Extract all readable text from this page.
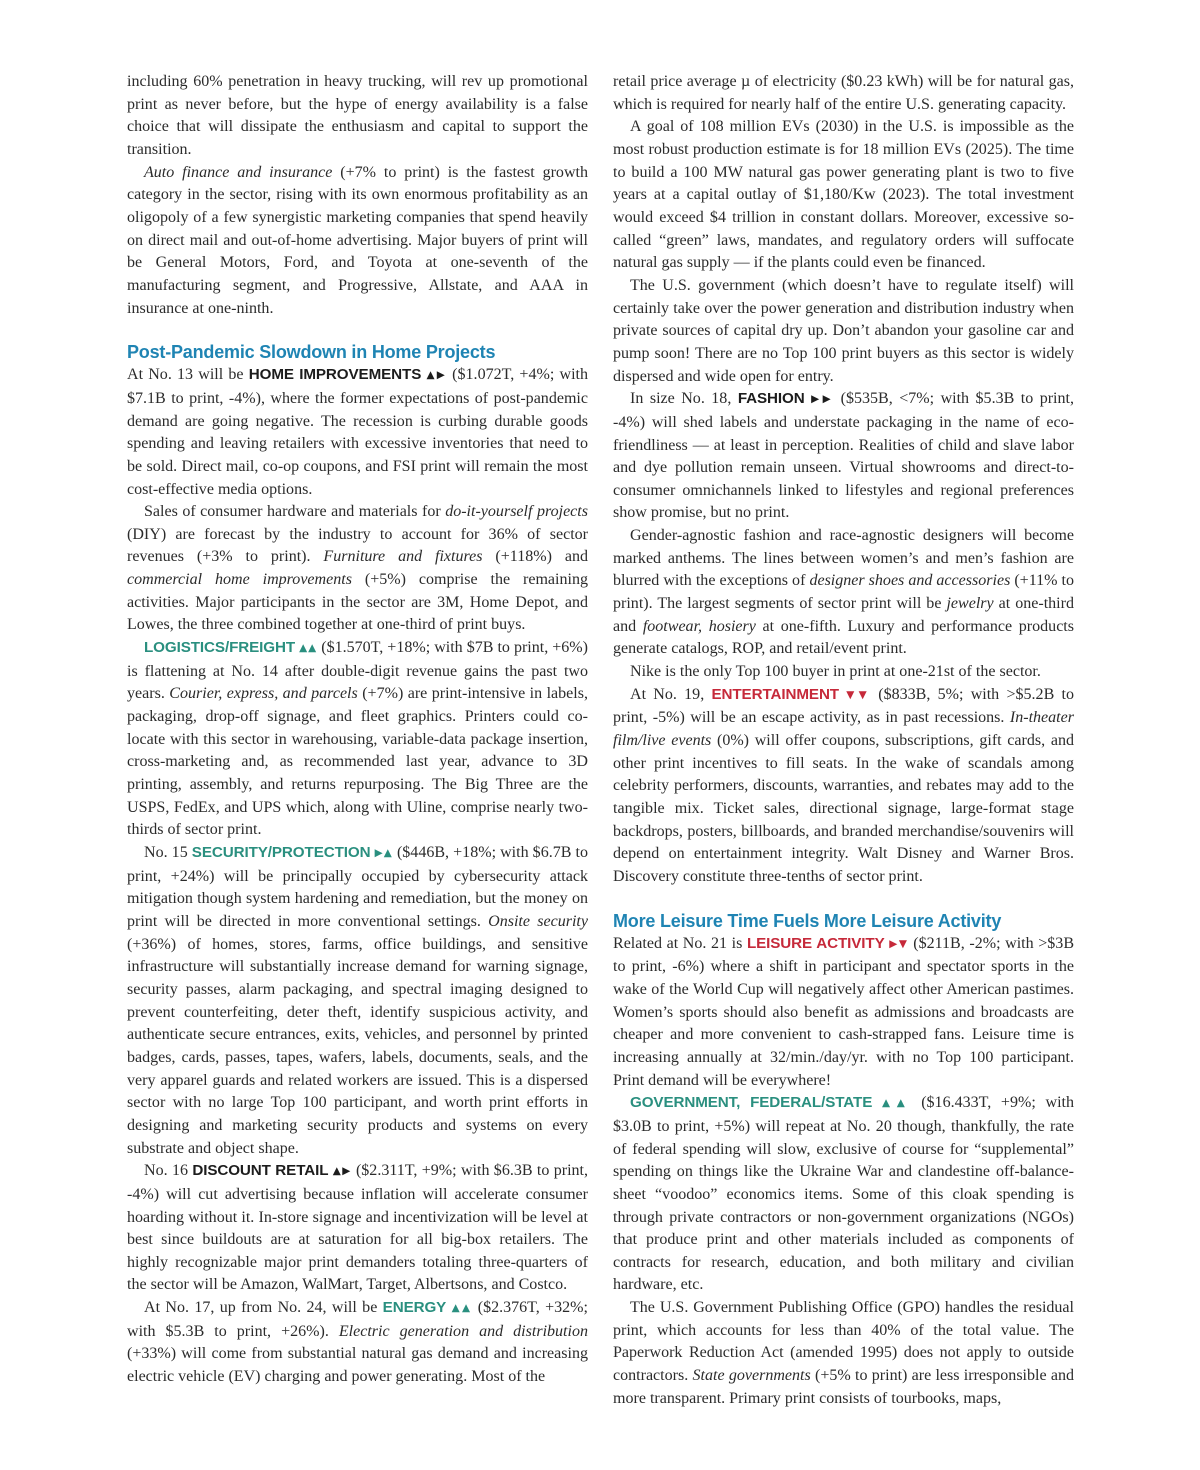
including 60% penetration in heavy trucking, will rev up promotional print as never before, but the hype of energy availability is a false choice that will dissipate the enthusiasm and capital to support the transition.

Auto finance and insurance (+7% to print) is the fastest growth category in the sector, rising with its own enormous profitability as an oligopoly of a few synergistic marketing companies that spend heavily on direct mail and out-of-home advertising. Major buyers of print will be General Motors, Ford, and Toyota at one-seventh of the manufacturing segment, and Progressive, Allstate, and AAA in insurance at one-ninth.

Post-Pandemic Slowdown in Home Projects

At No. 13 will be HOME IMPROVEMENTS ▲▶ ($1.072T, +4%; with $7.1B to print, -4%), where the former expectations of post-pandemic demand are going negative. The recession is curbing durable goods spending and leaving retailers with excessive inventories that need to be sold. Direct mail, co-op coupons, and FSI print will remain the most cost-effective media options.

Sales of consumer hardware and materials for do-it-yourself projects (DIY) are forecast by the industry to account for 36% of sector revenues (+3% to print). Furniture and fixtures (+118%) and commercial home improvements (+5%) comprise the remaining activities. Major participants in the sector are 3M, Home Depot, and Lowes, the three combined together at one-third of print buys.

LOGISTICS/FREIGHT ▲▲ ($1.570T, +18%; with $7B to print, +6%) is flattening at No. 14 after double-digit revenue gains the past two years. Courier, express, and parcels (+7%) are print-intensive in labels, packaging, drop-off signage, and fleet graphics. Printers could co-locate with this sector in warehousing, variable-data package insertion, cross-marketing and, as recommended last year, advance to 3D printing, assembly, and returns repurposing. The Big Three are the USPS, FedEx, and UPS which, along with Uline, comprise nearly two-thirds of sector print.

No. 15 SECURITY/PROTECTION ▶▲ ($446B, +18%; with $6.7B to print, +24%) will be principally occupied by cybersecurity attack mitigation though system hardening and remediation, but the money on print will be directed in more conventional settings. Onsite security (+36%) of homes, stores, farms, office buildings, and sensitive infrastructure will substantially increase demand for warning signage, security passes, alarm packaging, and spectral imaging designed to prevent counterfeiting, deter theft, identify suspicious activity, and authenticate secure entrances, exits, vehicles, and personnel by printed badges, cards, passes, tapes, wafers, labels, documents, seals, and the very apparel guards and related workers are issued. This is a dispersed sector with no large Top 100 participant, and worth print efforts in designing and marketing security products and systems on every substrate and object shape.

No. 16 DISCOUNT RETAIL ▲▶ ($2.311T, +9%; with $6.3B to print, -4%) will cut advertising because inflation will accelerate consumer hoarding without it. In-store signage and incentivization will be level at best since buildouts are at saturation for all big-box retailers. The highly recognizable major print demanders totaling three-quarters of the sector will be Amazon, WalMart, Target, Albertsons, and Costco.

At No. 17, up from No. 24, will be ENERGY ▲▲ ($2.376T, +32%; with $5.3B to print, +26%). Electric generation and distribution (+33%) will come from substantial natural gas demand and increasing electric vehicle (EV) charging and power generating. Most of the

retail price average µ of electricity ($0.23 kWh) will be for natural gas, which is required for nearly half of the entire U.S. generating capacity.

A goal of 108 million EVs (2030) in the U.S. is impossible as the most robust production estimate is for 18 million EVs (2025). The time to build a 100 MW natural gas power generating plant is two to five years at a capital outlay of $1,180/Kw (2023). The total investment would exceed $4 trillion in constant dollars. Moreover, excessive so-called “green” laws, mandates, and regulatory orders will suffocate natural gas supply — if the plants could even be financed.

The U.S. government (which doesn’t have to regulate itself) will certainly take over the power generation and distribution industry when private sources of capital dry up. Don’t abandon your gasoline car and pump soon! There are no Top 100 print buyers as this sector is widely dispersed and wide open for entry.

In size No. 18, FASHION ▶▶ ($535B, <7%; with $5.3B to print, -4%) will shed labels and understate packaging in the name of eco-friendliness — at least in perception. Realities of child and slave labor and dye pollution remain unseen. Virtual showrooms and direct-to-consumer omnichannels linked to lifestyles and regional preferences show promise, but no print.

Gender-agnostic fashion and race-agnostic designers will become marked anthems. The lines between women’s and men’s fashion are blurred with the exceptions of designer shoes and accessories (+11% to print). The largest segments of sector print will be jewelry at one-third and footwear, hosiery at one-fifth. Luxury and performance products generate catalogs, ROP, and retail/event print.

Nike is the only Top 100 buyer in print at one-21st of the sector.

At No. 19, ENTERTAINMENT ▼▼ ($833B, 5%; with >$5.2B to print, -5%) will be an escape activity, as in past recessions. In-theater film/live events (0%) will offer coupons, subscriptions, gift cards, and other print incentives to fill seats. In the wake of scandals among celebrity performers, discounts, warranties, and rebates may add to the tangible mix. Ticket sales, directional signage, large-format stage backdrops, posters, billboards, and branded merchandise/souvenirs will depend on entertainment integrity. Walt Disney and Warner Bros. Discovery constitute three-tenths of sector print.

More Leisure Time Fuels More Leisure Activity

Related at No. 21 is LEISURE ACTIVITY ▶▼ ($211B, -2%; with >$3B to print, -6%) where a shift in participant and spectator sports in the wake of the World Cup will negatively affect other American pastimes. Women’s sports should also benefit as admissions and broadcasts are cheaper and more convenient to cash-strapped fans. Leisure time is increasing annually at 32/min./day/yr. with no Top 100 participant. Print demand will be everywhere!

GOVERNMENT, FEDERAL/STATE ▲▲ ($16.433T, +9%; with $3.0B to print, +5%) will repeat at No. 20 though, thankfully, the rate of federal spending will slow, exclusive of course for “supplemental” spending on things like the Ukraine War and clandestine off-balance-sheet “voodoo” economics items. Some of this cloak spending is through private contractors or non-government organizations (NGOs) that produce print and other materials included as components of contracts for research, education, and both military and civilian hardware, etc.

The U.S. Government Publishing Office (GPO) handles the residual print, which accounts for less than 40% of the total value. The Paperwork Reduction Act (amended 1995) does not apply to outside contractors. State governments (+5% to print) are less irresponsible and more transparent. Primary print consists of tourbooks, maps,
